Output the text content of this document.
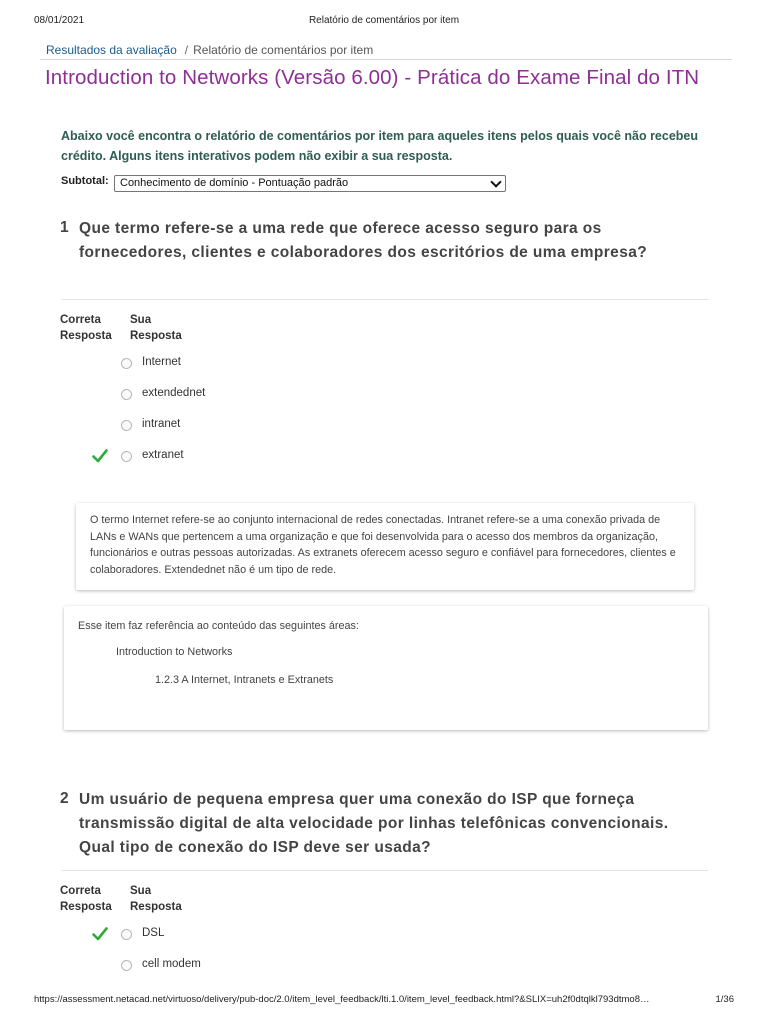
08/01/2021	Relatório de comentários por item
Resultados da avaliação / Relatório de comentários por item
Introduction to Networks (Versão 6.00) - Prática do Exame Final do ITN
Abaixo você encontra o relatório de comentários por item para aqueles itens pelos quais você não recebeu crédito. Alguns itens interativos podem não exibir a sua resposta.
Subtotal: Conhecimento de domínio - Pontuação padrão
1 Que termo refere-se a uma rede que oferece acesso seguro para os fornecedores, clientes e colaboradores dos escritórios de uma empresa?
Correta
Resposta
Sua
Resposta
Internet
extendednet
intranet
extranet

O termo Internet refere-se ao conjunto internacional de redes conectadas. Intranet refere-se a uma conexão privada de LANs e WANs que pertencem a uma organização e que foi desenvolvida para o acesso dos membros da organização, funcionários e outras pessoas autorizadas. As extranets oferecem acesso seguro e confiável para fornecedores, clientes e colaboradores. Extendednet não é um tipo de rede.

Esse item faz referência ao conteúdo das seguintes áreas:
Introduction to Networks
1.2.3 A Internet, Intranets e Extranets
2 Um usuário de pequena empresa quer uma conexão do ISP que forneça transmissão digital de alta velocidade por linhas telefônicas convencionais. Qual tipo de conexão do ISP deve ser usada?
Correta
Resposta
Sua
Resposta
DSL
cell modem
https://assessment.netacad.net/virtuoso/delivery/pub-doc/2.0/item_level_feedback/lti.1.0/item_level_feedback.html?&SLIX=uh2f0dtqlkl793dtmo8…	1/36
